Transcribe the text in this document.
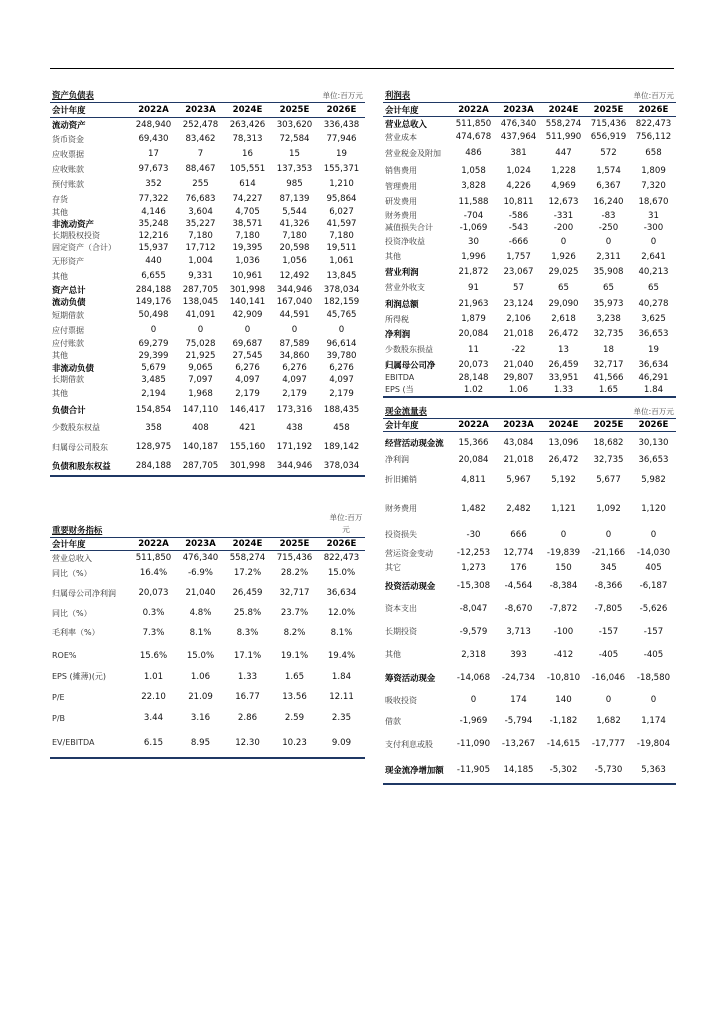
资产负债表	单位:百万元
会计年度	2022A	2023A	2024E	2025E	2026E
流动资产	248,940	252,478	263,426	303,620	336,438
货币资金	69,430	83,462	78,313	72,584	77,946
应收票据	17	7	16	15	19
应收账款	97,673	88,467	105,551	137,353	155,371
预付账款	352	255	614	985	1,210
存货	77,322	76,683	74,227	87,139	95,864
其他	4,146	3,604	4,705	5,544	6,027
非流动资产	35,248	35,227	38,571	41,326	41,597
长期股权投资	12,216	7,180	7,180	7,180	7,180
固定资产（合计）	15,937	17,712	19,395	20,598	19,511
无形资产	440	1,004	1,036	1,056	1,061
其他	6,655	9,331	10,961	12,492	13,845
资产总计	284,188	287,705	301,998	344,946	378,034
流动负债	149,176	138,045	140,141	167,040	182,159
短期借款	50,498	41,091	42,909	44,591	45,765
应付票据	0	0	0	0	0
应付账款	69,279	75,028	69,687	87,589	96,614
其他	29,399	21,925	27,545	34,860	39,780
非流动负债	5,679	9,065	6,276	6,276	6,276
长期借款	3,485	7,097	4,097	4,097	4,097
其他	2,194	1,968	2,179	2,179	2,179
负债合计	154,854	147,110	146,417	173,316	188,435
少数股东权益	358	408	421	438	458
归属母公司股东	128,975	140,187	155,160	171,192	189,142
负债和股东权益	284,188	287,705	301,998	344,946	378,034
重要财务指标
单位:百万元
会计年度	2022A	2023A	2024E	2025E	2026E
营业总收入	511,850	476,340	558,274	715,436	822,473
同比（%）	16.4%	-6.9%	17.2%	28.2%	15.0%
归属母公司净利润	20,073	21,040	26,459	32,717	36,634
同比（%）	0.3%	4.8%	25.8%	23.7%	12.0%
毛利率（%）	7.3%	8.1%	8.3%	8.2%	8.1%
ROE%	15.6%	15.0%	17.1%	19.1%	19.4%
EPS (摊薄)(元)	1.01	1.06	1.33	1.65	1.84
P/E	22.10	21.09	16.77	13.56	12.11
P/B	3.44	3.16	2.86	2.59	2.35
EV/EBITDA	6.15	8.95	12.30	10.23	9.09
利润表	单位:百万元
会计年度	2022A	2023A	2024E	2025E	2026E
营业总收入	511,850	476,340	558,274	715,436	822,473
营业成本	474,678	437,964	511,990	656,919	756,112
营业税金及附加	486	381	447	572	658
销售费用	1,058	1,024	1,228	1,574	1,809
管理费用	3,828	4,226	4,969	6,367	7,320
研发费用	11,588	10,811	12,673	16,240	18,670
财务费用	-704	-586	-331	-83	31
减值损失合计	-1,069	-543	-200	-250	-300
投资净收益	30	-666	0	0	0
其他	1,996	1,757	1,926	2,311	2,641
营业利润	21,872	23,067	29,025	35,908	40,213
营业外收支	91	57	65	65	65
利润总额	21,963	23,124	29,090	35,973	40,278
所得税	1,879	2,106	2,618	3,238	3,625
净利润	20,084	21,018	26,472	32,735	36,653
少数股东损益	11	-22	13	18	19
归属母公司净	20,073	21,040	26,459	32,717	36,634
EBITDA	28,148	29,807	33,951	41,566	46,291
EPS (当	1.02	1.06	1.33	1.65	1.84
现金流量表	单位:百万元
会计年度	2022A	2023A	2024E	2025E	2026E
经营活动现金流	15,366	43,084	13,096	18,682	30,130
净利润	20,084	21,018	26,472	32,735	36,653
折旧摊销	4,811	5,967	5,192	5,677	5,982
财务费用	1,482	2,482	1,121	1,092	1,120
投资损失	-30	666	0	0	0
营运资金变动	-12,253	12,774	-19,839	-21,166	-14,030
其它	1,273	176	150	345	405
投资活动现金	-15,308	-4,564	-8,384	-8,366	-6,187
资本支出	-8,047	-8,670	-7,872	-7,805	-5,626
长期投资	-9,579	3,713	-100	-157	-157
其他	2,318	393	-412	-405	-405
筹资活动现金	-14,068	-24,734	-10,810	-16,046	-18,580
吸收投资	0	174	140	0	0
借款	-1,969	-5,794	-1,182	1,682	1,174
支付利息或股	-11,090	-13,267	-14,615	-17,777	-19,804
现金流净增加额	-11,905	14,185	-5,302	-5,730	5,363
